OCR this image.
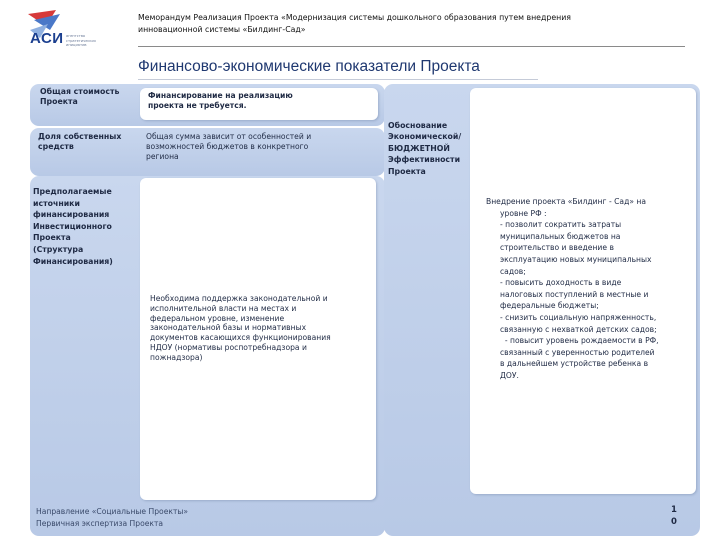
АСИ агентство стратегических инициатив
Меморандум Реализация Проекта «Модернизация системы дошкольного образования путем внедрения
инновационной системы «Билдинг-Сад»
Финансово-экономические показатели Проекта
Общая стоимость
Проекта
Финансирование на реализацию
проекта не требуется.
Доля собственных
средств
Общая сумма зависит от особенностей и
возможностей бюджетов в конкретного
региона
Предполагаемые
источники
финансирования
Инвестиционного
Проекта
(Структура
Финансирования)
Необходима поддержка законодательной и
исполнительной власти на местах и
федеральном уровне, изменение
законодательной базы и нормативных
документов касающихся функционирования
НДОУ (нормативы роспотребнадзора и
пожнадзора)
Обоснование
Экономической/
БЮДЖЕТНОЙ
Эффективности
Проекта
Внедрение проекта «Билдинг - Сад» на
уровне РФ :
- позволит сократить затраты
муниципальных бюджетов на
строительство и введение в
эксплуатацию новых муниципальных
садов;
- повысить доходность в виде
налоговых поступлений в местные и
федеральные бюджеты;
- снизить социальную напряженность,
связанную с нехваткой детских садов;
- повысит уровень рождаемости в РФ,
связанный с уверенностью родителей
в дальнейшем устройстве ребенка в
ДОУ.
Направление «Социальные Проекты»
Первичная экспертиза Проекта
1
0
